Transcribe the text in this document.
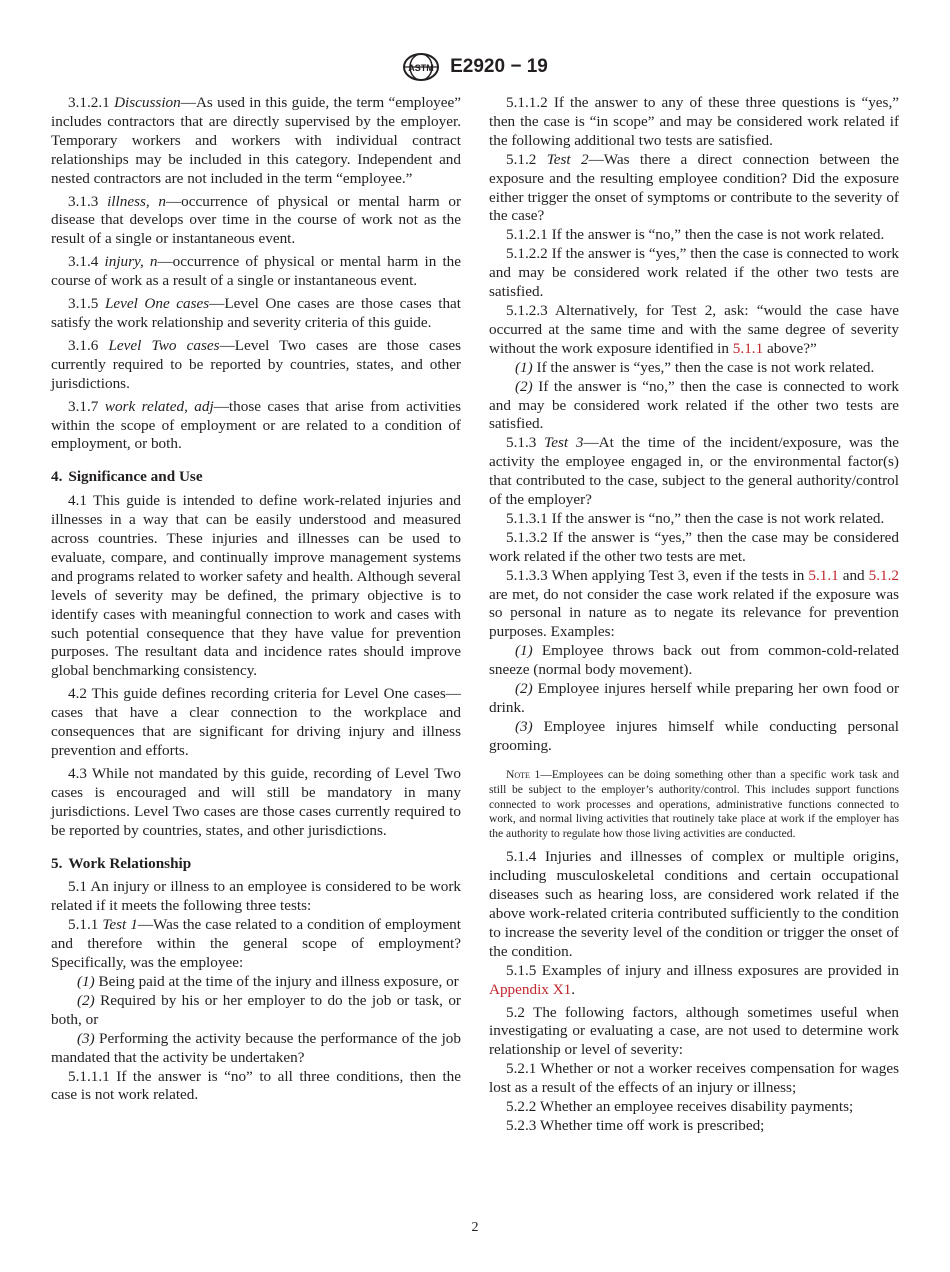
ASTM E2920 − 19

3.1.2.1 Discussion—As used in this guide, the term “employee” includes contractors that are directly supervised by the employer. Temporary workers and workers with individual contract relationships may be included in this category. Independent and nested contractors are not included in the term “employee.”

3.1.3 illness, n—occurrence of physical or mental harm or disease that develops over time in the course of work not as the result of a single or instantaneous event.

3.1.4 injury, n—occurrence of physical or mental harm in the course of work as a result of a single or instantaneous event.

3.1.5 Level One cases—Level One cases are those cases that satisfy the work relationship and severity criteria of this guide.

3.1.6 Level Two cases—Level Two cases are those cases currently required to be reported by countries, states, and other jurisdictions.

3.1.7 work related, adj—those cases that arise from activities within the scope of employment or are related to a condition of employment, or both.

4. Significance and Use

4.1 This guide is intended to define work-related injuries and illnesses in a way that can be easily understood and measured across countries. These injuries and illnesses can be used to evaluate, compare, and continually improve management systems and programs related to worker safety and health. Although several levels of severity may be defined, the primary objective is to identify cases with meaningful connection to work and cases with such potential consequence that they have value for prevention purposes. The resultant data and incidence rates should improve global benchmarking consistency.

4.2 This guide defines recording criteria for Level One cases—cases that have a clear connection to the workplace and consequences that are significant for driving injury and illness prevention and efforts.

4.3 While not mandated by this guide, recording of Level Two cases is encouraged and will still be mandatory in many jurisdictions. Level Two cases are those cases currently required to be reported by countries, states, and other jurisdictions.

5. Work Relationship

5.1 An injury or illness to an employee is considered to be work related if it meets the following three tests:

5.1.1 Test 1—Was the case related to a condition of employment and therefore within the general scope of employment? Specifically, was the employee:

(1) Being paid at the time of the injury and illness exposure, or

(2) Required by his or her employer to do the job or task, or both, or

(3) Performing the activity because the performance of the job mandated that the activity be undertaken?

5.1.1.1 If the answer is “no” to all three conditions, then the case is not work related.

5.1.1.2 If the answer to any of these three questions is “yes,” then the case is “in scope” and may be considered work related if the following additional two tests are satisfied.

5.1.2 Test 2—Was there a direct connection between the exposure and the resulting employee condition? Did the exposure either trigger the onset of symptoms or contribute to the severity of the case?

5.1.2.1 If the answer is “no,” then the case is not work related.

5.1.2.2 If the answer is “yes,” then the case is connected to work and may be considered work related if the other two tests are satisfied.

5.1.2.3 Alternatively, for Test 2, ask: “would the case have occurred at the same time and with the same degree of severity without the work exposure identified in 5.1.1 above?”

(1) If the answer is “yes,” then the case is not work related.

(2) If the answer is “no,” then the case is connected to work and may be considered work related if the other two tests are satisfied.

5.1.3 Test 3—At the time of the incident/exposure, was the activity the employee engaged in, or the environmental factor(s) that contributed to the case, subject to the general authority/control of the employer?

5.1.3.1 If the answer is “no,” then the case is not work related.

5.1.3.2 If the answer is “yes,” then the case may be considered work related if the other two tests are met.

5.1.3.3 When applying Test 3, even if the tests in 5.1.1 and 5.1.2 are met, do not consider the case work related if the exposure was so personal in nature as to negate its relevance for prevention purposes. Examples:

(1) Employee throws back out from common-cold-related sneeze (normal body movement).

(2) Employee injures herself while preparing her own food or drink.

(3) Employee injures himself while conducting personal grooming.

Note 1—Employees can be doing something other than a specific work task and still be subject to the employer’s authority/control. This includes support functions connected to work processes and operations, administrative functions connected to work, and normal living activities that routinely take place at work if the employer has the authority to regulate how those living activities are conducted.

5.1.4 Injuries and illnesses of complex or multiple origins, including musculoskeletal conditions and certain occupational diseases such as hearing loss, are considered work related if the above work-related criteria contributed sufficiently to the condition to increase the severity level of the condition or trigger the onset of the condition.

5.1.5 Examples of injury and illness exposures are provided in Appendix X1.

5.2 The following factors, although sometimes useful when investigating or evaluating a case, are not used to determine work relationship or level of severity:

5.2.1 Whether or not a worker receives compensation for wages lost as a result of the effects of an injury or illness;

5.2.2 Whether an employee receives disability payments;

5.2.3 Whether time off work is prescribed;

2
